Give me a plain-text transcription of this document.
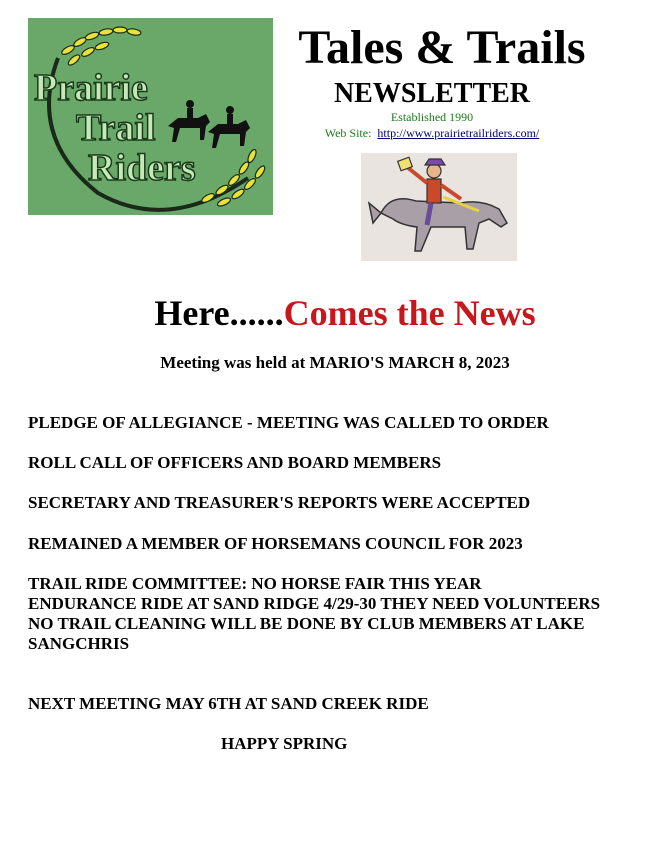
Prairie
Trail
Riders
Tales & Trails
NEWSLETTER
Established 1990
Web Site: http://www.prairietrailriders.com/
Here......Comes the News
Meeting was held at MARIO'S MARCH 8, 2023
PLEDGE OF ALLEGIANCE - MEETING WAS CALLED TO ORDER
ROLL CALL OF OFFICERS AND BOARD MEMBERS
SECRETARY AND TREASURER'S REPORTS WERE ACCEPTED
REMAINED A MEMBER OF HORSEMANS COUNCIL FOR 2023
TRAIL RIDE COMMITTEE: NO HORSE FAIR THIS YEAR
ENDURANCE RIDE AT SAND RIDGE 4/29-30 THEY NEED VOLUNTEERS
NO TRAIL CLEANING WILL BE DONE BY CLUB MEMBERS AT LAKE
SANGCHRIS
NEXT MEETING MAY 6TH AT SAND CREEK RIDE
HAPPY SPRING
